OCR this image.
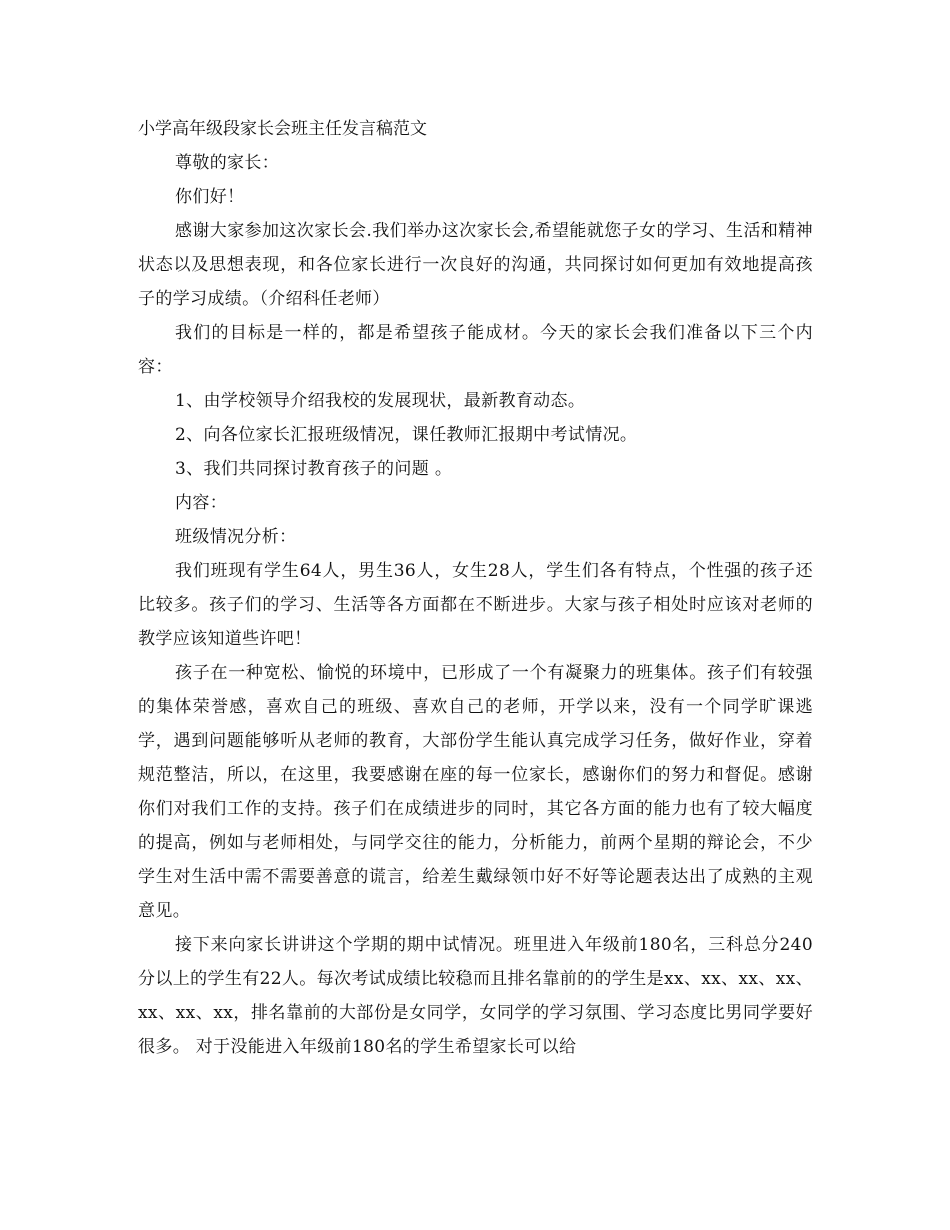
小学高年级段家长会班主任发言稿范文

尊敬的家长：

你们好！

感谢大家参加这次家长会.我们举办这次家长会,希望能就您子女的学习、生活和精神状态以及思想表现，和各位家长进行一次良好的沟通，共同探讨如何更加有效地提高孩子的学习成绩。（介绍科任老师）

我们的目标是一样的，都是希望孩子能成材。今天的家长会我们准备以下三个内容：

1、由学校领导介绍我校的发展现状，最新教育动态。

2、向各位家长汇报班级情况，课任教师汇报期中考试情况。

3、我们共同探讨教育孩子的问题 。

内容：

班级情况分析：

我们班现有学生64人，男生36人，女生28人，学生们各有特点，个性强的孩子还比较多。孩子们的学习、生活等各方面都在不断进步。大家与孩子相处时应该对老师的教学应该知道些许吧！

孩子在一种宽松、愉悦的环境中，已形成了一个有凝聚力的班集体。孩子们有较强的集体荣誉感，喜欢自己的班级、喜欢自己的老师，开学以来，没有一个同学旷课逃学，遇到问题能够听从老师的教育，大部份学生能认真完成学习任务，做好作业，穿着规范整洁，所以，在这里，我要感谢在座的每一位家长，感谢你们的努力和督促。感谢你们对我们工作的支持。孩子们在成绩进步的同时，其它各方面的能力也有了较大幅度的提高，例如与老师相处，与同学交往的能力，分析能力，前两个星期的辩论会，不少学生对生活中需不需要善意的谎言，给差生戴绿领巾好不好等论题表达出了成熟的主观意见。

接下来向家长讲讲这个学期的期中试情况。班里进入年级前180名，三科总分240分以上的学生有22人。每次考试成绩比较稳而且排名靠前的的学生是xx、xx、xx、xx、xx、xx、xx，排名靠前的大部份是女同学，女同学的学习氛围、学习态度比男同学要好很多。 对于没能进入年级前180名的学生希望家长可以给
